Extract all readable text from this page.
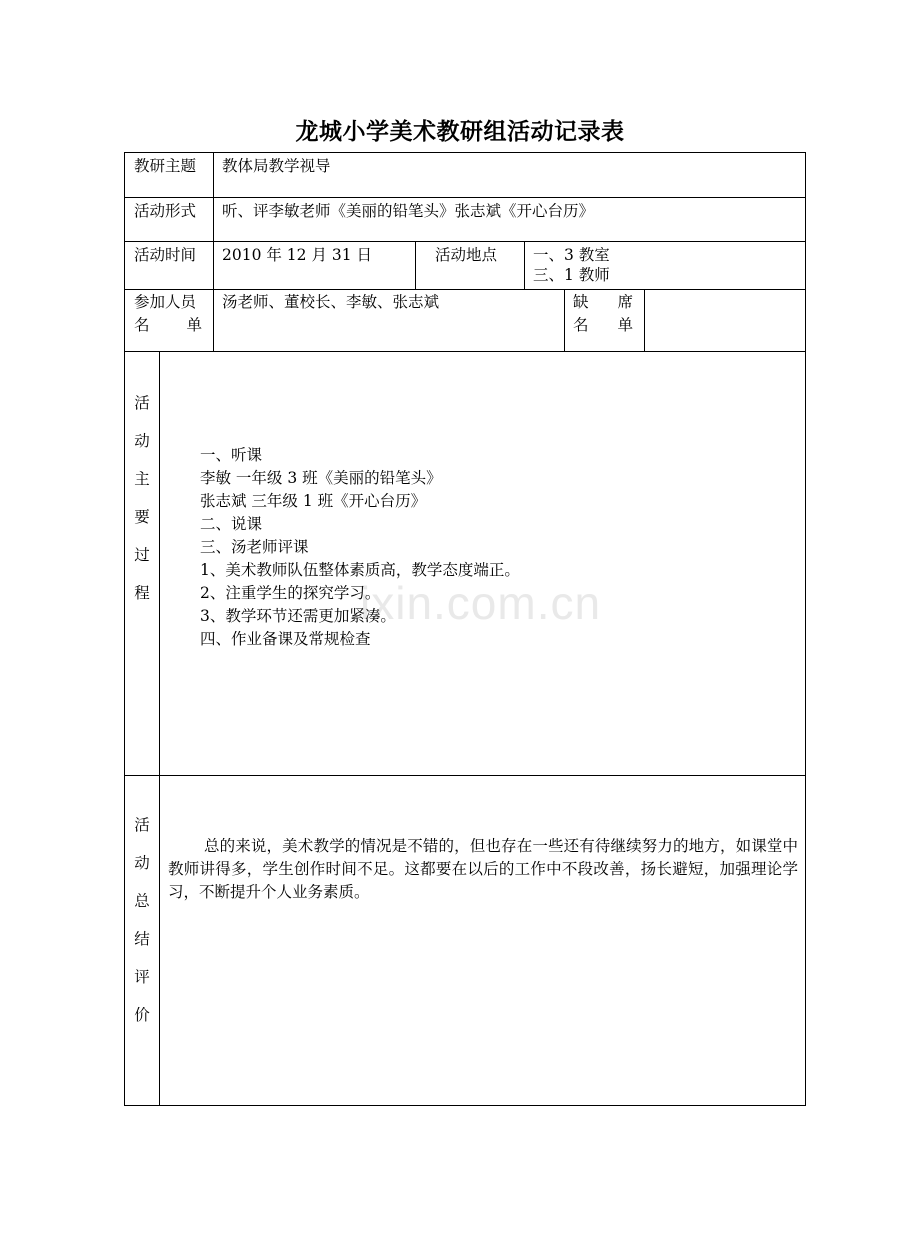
龙城小学美术教研组活动记录表
ixin.com.cn
教研主题 教体局教学视导
活动形式 听、评李敏老师《美丽的铅笔头》张志斌《开心台历》
活动时间 2010 年 12 月 31 日	活动地点 一、3 教室
三、1 教师
参加人员
名 单
汤老师、董校长、李敏、张志斌	缺 席
名 单
活
动
主
要
过
程
一、听课
李敏 一年级 3 班《美丽的铅笔头》
张志斌 三年级 1 班《开心台历》
二、说课
三、汤老师评课
1、美术教师队伍整体素质高，教学态度端正。
2、注重学生的探究学习。
3、教学环节还需更加紧凑。
四、作业备课及常规检查
活
动
总
结
评
价
总的来说，美术教学的情况是不错的，但也存在一些还有待继续努力的地方，如课堂中教师讲得多，学生创作时间不足。这都要在以后的工作中不段改善，扬长避短，加强理论学习，不断提升个人业务素质。
